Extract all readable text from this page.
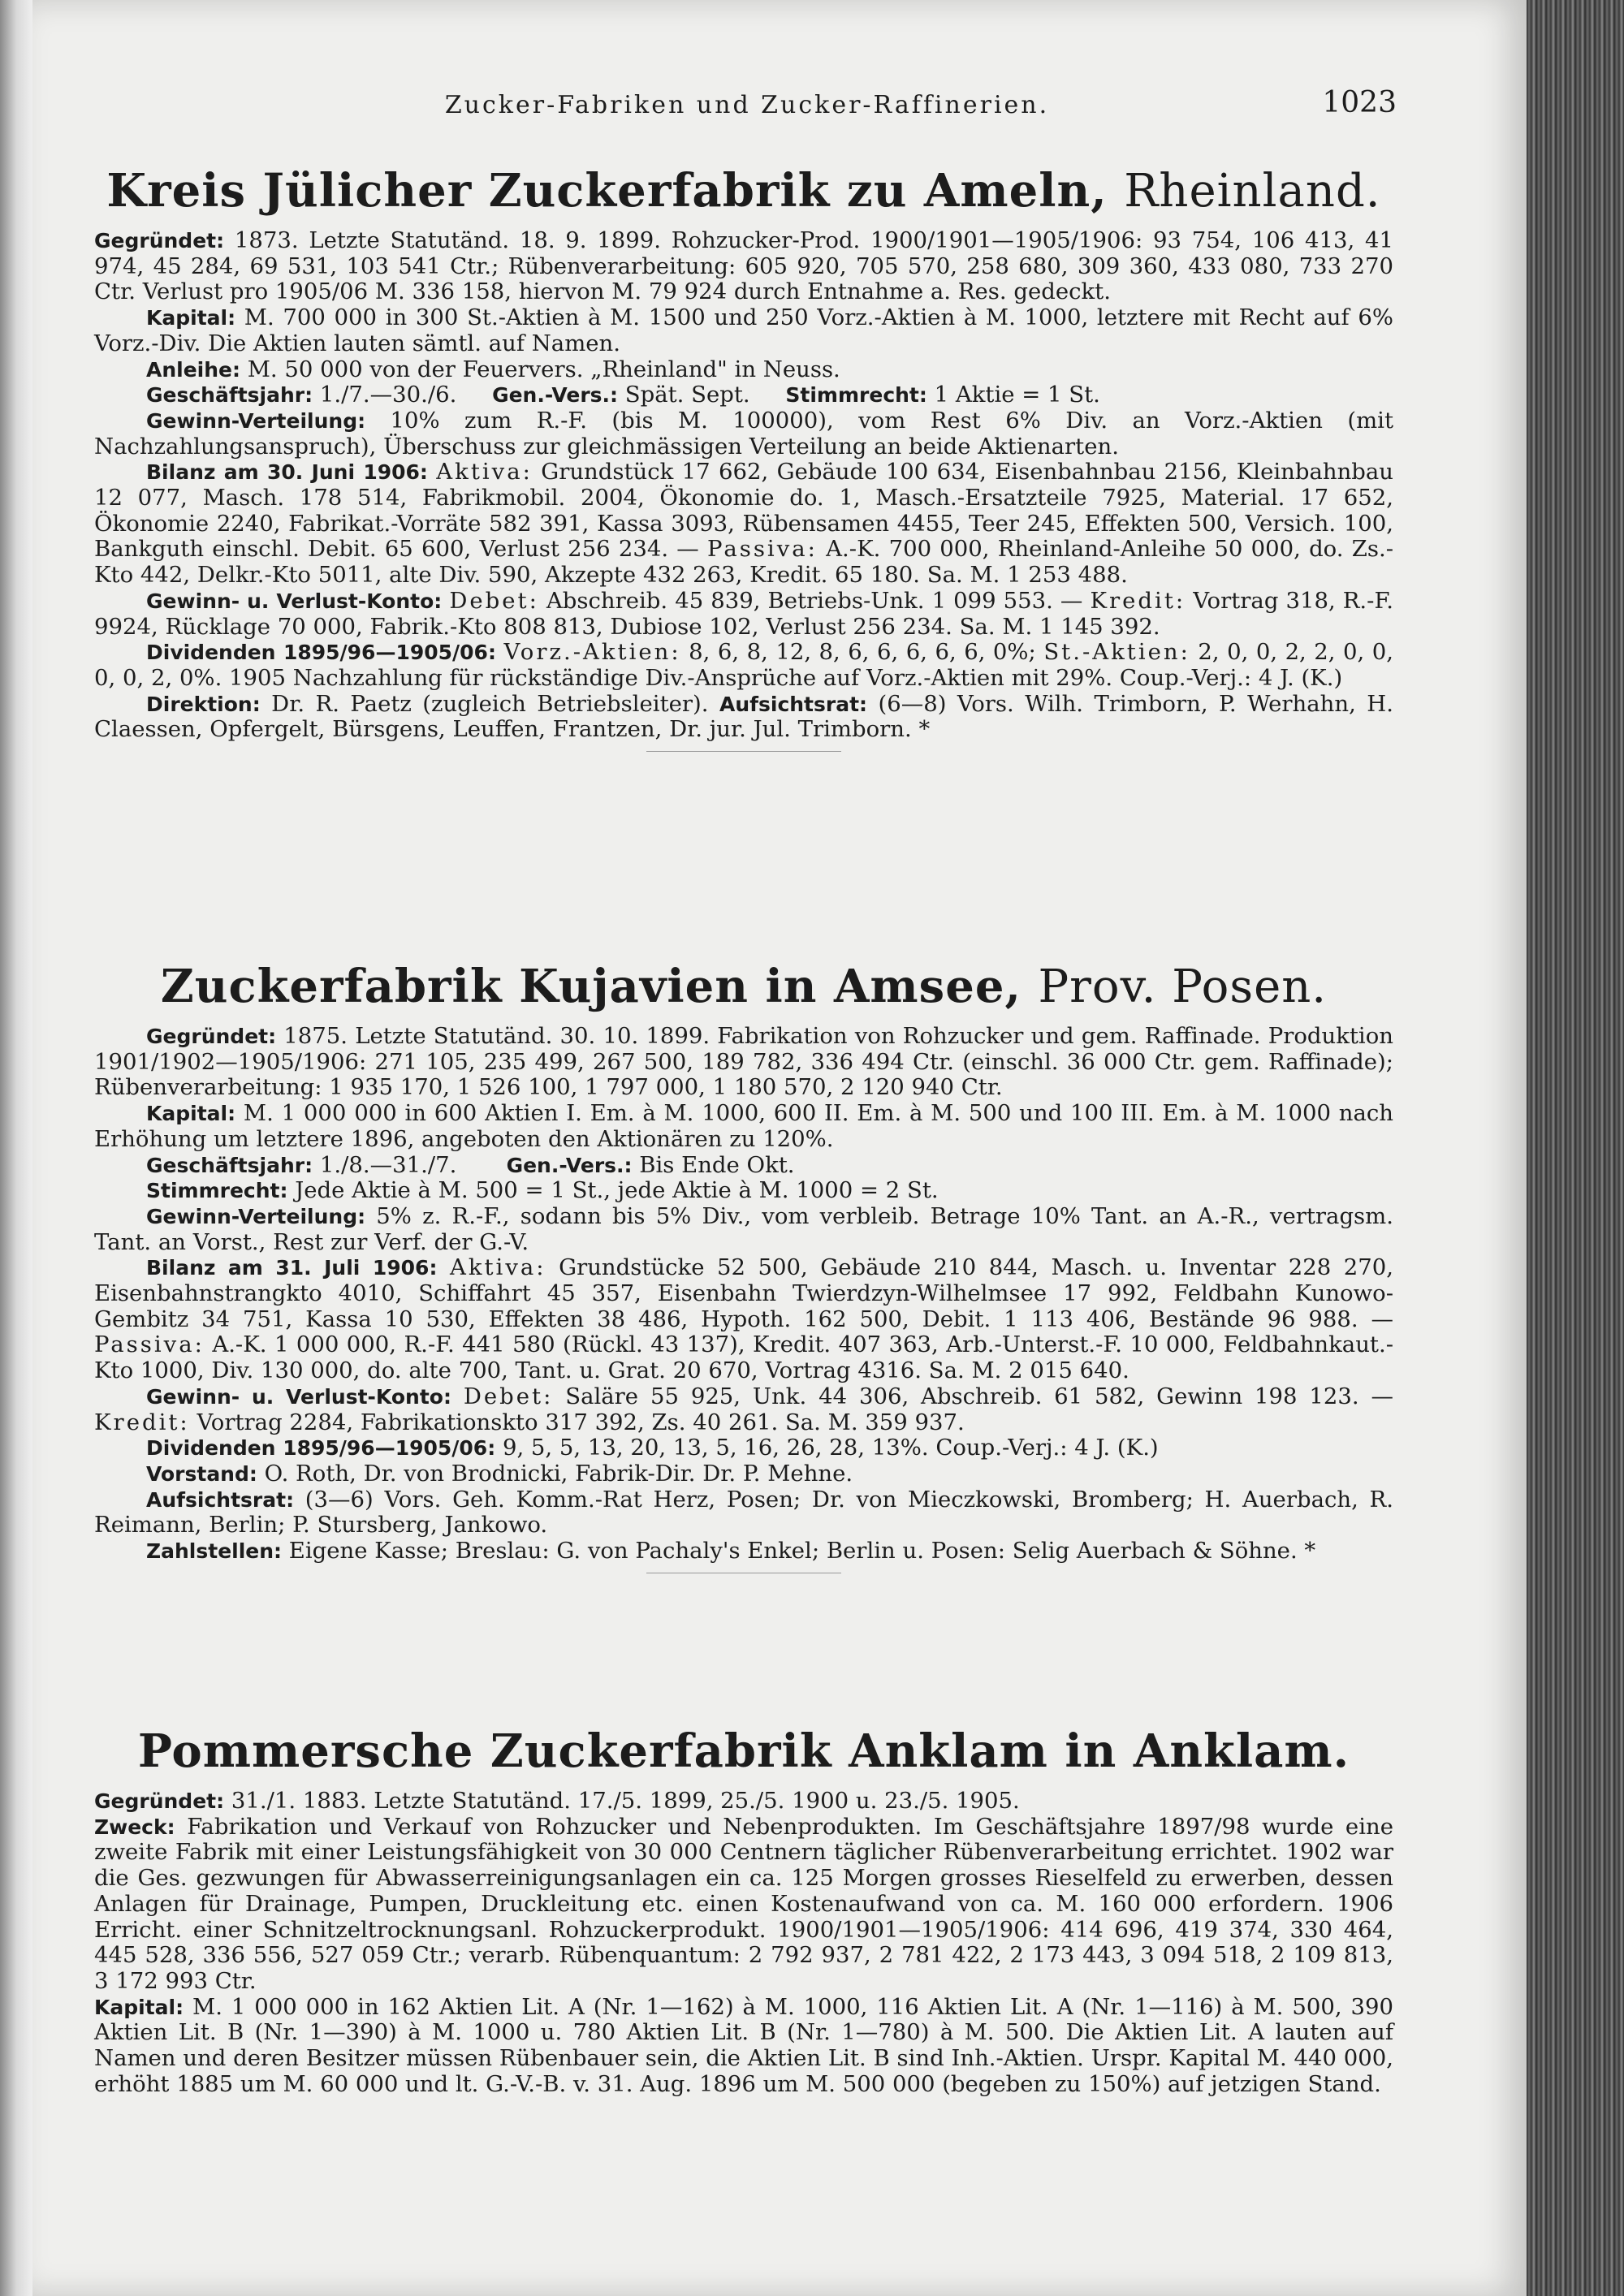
Zucker-Fabriken und Zucker-Raffinerien.	1023
Kreis Jülicher Zuckerfabrik zu Ameln, Rheinland.

Gegründet: 1873. Letzte Statutänd. 18. 9. 1899. Rohzucker-Prod. 1900/1901—1905/1906: 93 754, 106 413, 41 974, 45 284, 69 531, 103 541 Ctr.; Rübenverarbeitung: 605 920, 705 570, 258 680, 309 360, 433 080, 733 270 Ctr. Verlust pro 1905/06 M. 336 158, hiervon M. 79 924 durch Entnahme a. Res. gedeckt.

Kapital: M. 700 000 in 300 St.-Aktien à M. 1500 und 250 Vorz.-Aktien à M. 1000, letztere mit Recht auf 6% Vorz.-Div. Die Aktien lauten sämtl. auf Namen.

Anleihe: M. 50 000 von der Feuervers. „Rheinland" in Neuss.

Geschäftsjahr: 1./7.—30./6. Gen.-Vers.: Spät. Sept. Stimmrecht: 1 Aktie = 1 St.

Gewinn-Verteilung: 10% zum R.-F. (bis M. 100000), vom Rest 6% Div. an Vorz.-Aktien (mit Nachzahlungsanspruch), Überschuss zur gleichmässigen Verteilung an beide Aktienarten.

Bilanz am 30. Juni 1906: Aktiva: Grundstück 17 662, Gebäude 100 634, Eisenbahnbau 2156, Kleinbahnbau 12 077, Masch. 178 514, Fabrikmobil. 2004, Ökonomie do. 1, Masch.-Ersatzteile 7925, Material. 17 652, Ökonomie 2240, Fabrikat.-Vorräte 582 391, Kassa 3093, Rübensamen 4455, Teer 245, Effekten 500, Versich. 100, Bankguth einschl. Debit. 65 600, Verlust 256 234. — Passiva: A.-K. 700 000, Rheinland-Anleihe 50 000, do. Zs.-Kto 442, Delkr.-Kto 5011, alte Div. 590, Akzepte 432 263, Kredit. 65 180. Sa. M. 1 253 488.

Gewinn- u. Verlust-Konto: Debet: Abschreib. 45 839, Betriebs-Unk. 1 099 553. — Kredit: Vortrag 318, R.-F. 9924, Rücklage 70 000, Fabrik.-Kto 808 813, Dubiose 102, Verlust 256 234. Sa. M. 1 145 392.

Dividenden 1895/96—1905/06: Vorz.-Aktien: 8, 6, 8, 12, 8, 6, 6, 6, 6, 6, 0%; St.-Aktien: 2, 0, 0, 2, 2, 0, 0, 0, 0, 2, 0%. 1905 Nachzahlung für rückständige Div.-Ansprüche auf Vorz.-Aktien mit 29%. Coup.-Verj.: 4 J. (K.)

Direktion: Dr. R. Paetz (zugleich Betriebsleiter). Aufsichtsrat: (6—8) Vors. Wilh. Trimborn, P. Werhahn, H. Claessen, Opfergelt, Bürsgens, Leuffen, Frantzen, Dr. jur. Jul. Trimborn. *

Zuckerfabrik Kujavien in Amsee, Prov. Posen.

Gegründet: 1875. Letzte Statutänd. 30. 10. 1899. Fabrikation von Rohzucker und gem. Raffinade. Produktion 1901/1902—1905/1906: 271 105, 235 499, 267 500, 189 782, 336 494 Ctr. (einschl. 36 000 Ctr. gem. Raffinade); Rübenverarbeitung: 1 935 170, 1 526 100, 1 797 000, 1 180 570, 2 120 940 Ctr.

Kapital: M. 1 000 000 in 600 Aktien I. Em. à M. 1000, 600 II. Em. à M. 500 und 100 III. Em. à M. 1000 nach Erhöhung um letztere 1896, angeboten den Aktionären zu 120%.

Geschäftsjahr: 1./8.—31./7. Gen.-Vers.: Bis Ende Okt.

Stimmrecht: Jede Aktie à M. 500 = 1 St., jede Aktie à M. 1000 = 2 St.

Gewinn-Verteilung: 5% z. R.-F., sodann bis 5% Div., vom verbleib. Betrage 10% Tant. an A.-R., vertragsm. Tant. an Vorst., Rest zur Verf. der G.-V.

Bilanz am 31. Juli 1906: Aktiva: Grundstücke 52 500, Gebäude 210 844, Masch. u. Inventar 228 270, Eisenbahnstrangkto 4010, Schiffahrt 45 357, Eisenbahn Twierdzyn-Wilhelmsee 17 992, Feldbahn Kunowo-Gembitz 34 751, Kassa 10 530, Effekten 38 486, Hypoth. 162 500, Debit. 1 113 406, Bestände 96 988. — Passiva: A.-K. 1 000 000, R.-F. 441 580 (Rückl. 43 137), Kredit. 407 363, Arb.-Unterst.-F. 10 000, Feldbahnkaut.-Kto 1000, Div. 130 000, do. alte 700, Tant. u. Grat. 20 670, Vortrag 4316. Sa. M. 2 015 640.

Gewinn- u. Verlust-Konto: Debet: Saläre 55 925, Unk. 44 306, Abschreib. 61 582, Gewinn 198 123. — Kredit: Vortrag 2284, Fabrikationskto 317 392, Zs. 40 261. Sa. M. 359 937.

Dividenden 1895/96—1905/06: 9, 5, 5, 13, 20, 13, 5, 16, 26, 28, 13%. Coup.-Verj.: 4 J. (K.)

Vorstand: O. Roth, Dr. von Brodnicki, Fabrik-Dir. Dr. P. Mehne.

Aufsichtsrat: (3—6) Vors. Geh. Komm.-Rat Herz, Posen; Dr. von Mieczkowski, Bromberg; H. Auerbach, R. Reimann, Berlin; P. Stursberg, Jankowo.

Zahlstellen: Eigene Kasse; Breslau: G. von Pachaly's Enkel; Berlin u. Posen: Selig Auerbach & Söhne. *

Pommersche Zuckerfabrik Anklam in Anklam.

Gegründet: 31./1. 1883. Letzte Statutänd. 17./5. 1899, 25./5. 1900 u. 23./5. 1905.

Zweck: Fabrikation und Verkauf von Rohzucker und Nebenprodukten. Im Geschäftsjahre 1897/98 wurde eine zweite Fabrik mit einer Leistungsfähigkeit von 30 000 Centnern täglicher Rübenverarbeitung errichtet. 1902 war die Ges. gezwungen für Abwasserreinigungsanlagen ein ca. 125 Morgen grosses Rieselfeld zu erwerben, dessen Anlagen für Drainage, Pumpen, Druckleitung etc. einen Kostenaufwand von ca. M. 160 000 erfordern. 1906 Erricht. einer Schnitzeltrocknungsanl. Rohzuckerprodukt. 1900/1901—1905/1906: 414 696, 419 374, 330 464, 445 528, 336 556, 527 059 Ctr.; verarb. Rübenquantum: 2 792 937, 2 781 422, 2 173 443, 3 094 518, 2 109 813, 3 172 993 Ctr.

Kapital: M. 1 000 000 in 162 Aktien Lit. A (Nr. 1—162) à M. 1000, 116 Aktien Lit. A (Nr. 1—116) à M. 500, 390 Aktien Lit. B (Nr. 1—390) à M. 1000 u. 780 Aktien Lit. B (Nr. 1—780) à M. 500. Die Aktien Lit. A lauten auf Namen und deren Besitzer müssen Rübenbauer sein, die Aktien Lit. B sind Inh.-Aktien. Urspr. Kapital M. 440 000, erhöht 1885 um M. 60 000 und lt. G.-V.-B. v. 31. Aug. 1896 um M. 500 000 (begeben zu 150%) auf jetzigen Stand.
